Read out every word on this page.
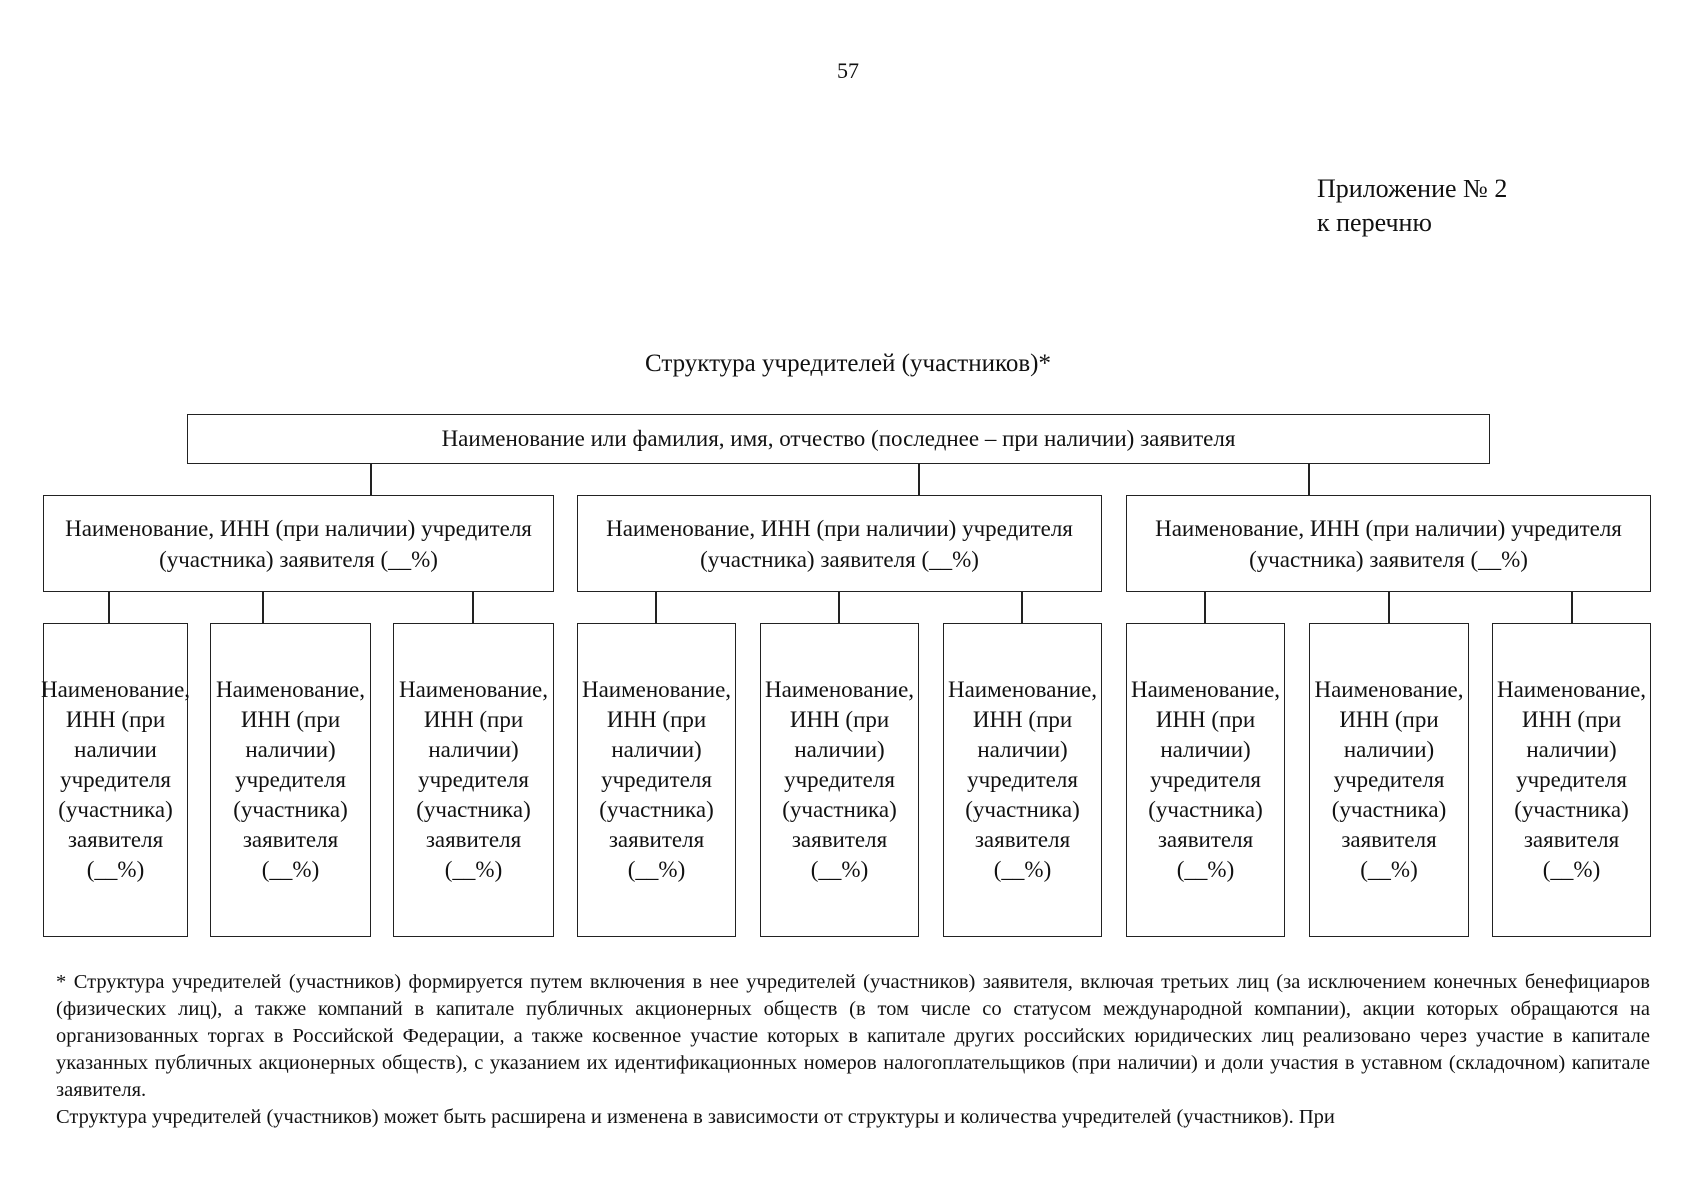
57
Приложение № 2
к перечню
Структура учредителей (участников)*
Наименование или фамилия, имя, отчество (последнее – при наличии) заявителя
Наименование, ИНН (при наличии) учредителя (участника) заявителя (__%)
Наименование, ИНН (при наличии) учредителя (участника) заявителя (__%)
Наименование, ИНН (при наличии) учредителя (участника) заявителя (__%)
Наименование, ИНН (при наличии учредителя (участника) заявителя (__%)
Наименование, ИНН (при наличии) учредителя (участника) заявителя (__%)
Наименование, ИНН (при наличии) учредителя (участника) заявителя (__%)
Наименование, ИНН (при наличии) учредителя (участника) заявителя (__%)
Наименование, ИНН (при наличии) учредителя (участника) заявителя (__%)
Наименование, ИНН (при наличии) учредителя (участника) заявителя (__%)
Наименование, ИНН (при наличии) учредителя (участника) заявителя (__%)
Наименование, ИНН (при наличии) учредителя (участника) заявителя (__%)
Наименование, ИНН (при наличии) учредителя (участника) заявителя (__%)

* Структура учредителей (участников) формируется путем включения в нее учредителей (участников) заявителя, включая третьих лиц (за исключением конечных бенефициаров (физических лиц), а также компаний в капитале публичных акционерных обществ (в том числе со статусом международной компании), акции которых обращаются на организованных торгах в Российской Федерации, а также косвенное участие которых в капитале других российских юридических лиц реализовано через участие в капитале указанных публичных акционерных обществ), с указанием их идентификационных номеров налогоплательщиков (при наличии) и доли участия в уставном (складочном) капитале заявителя.

Структура учредителей (участников) может быть расширена и изменена в зависимости от структуры и количества учредителей (участников). При
